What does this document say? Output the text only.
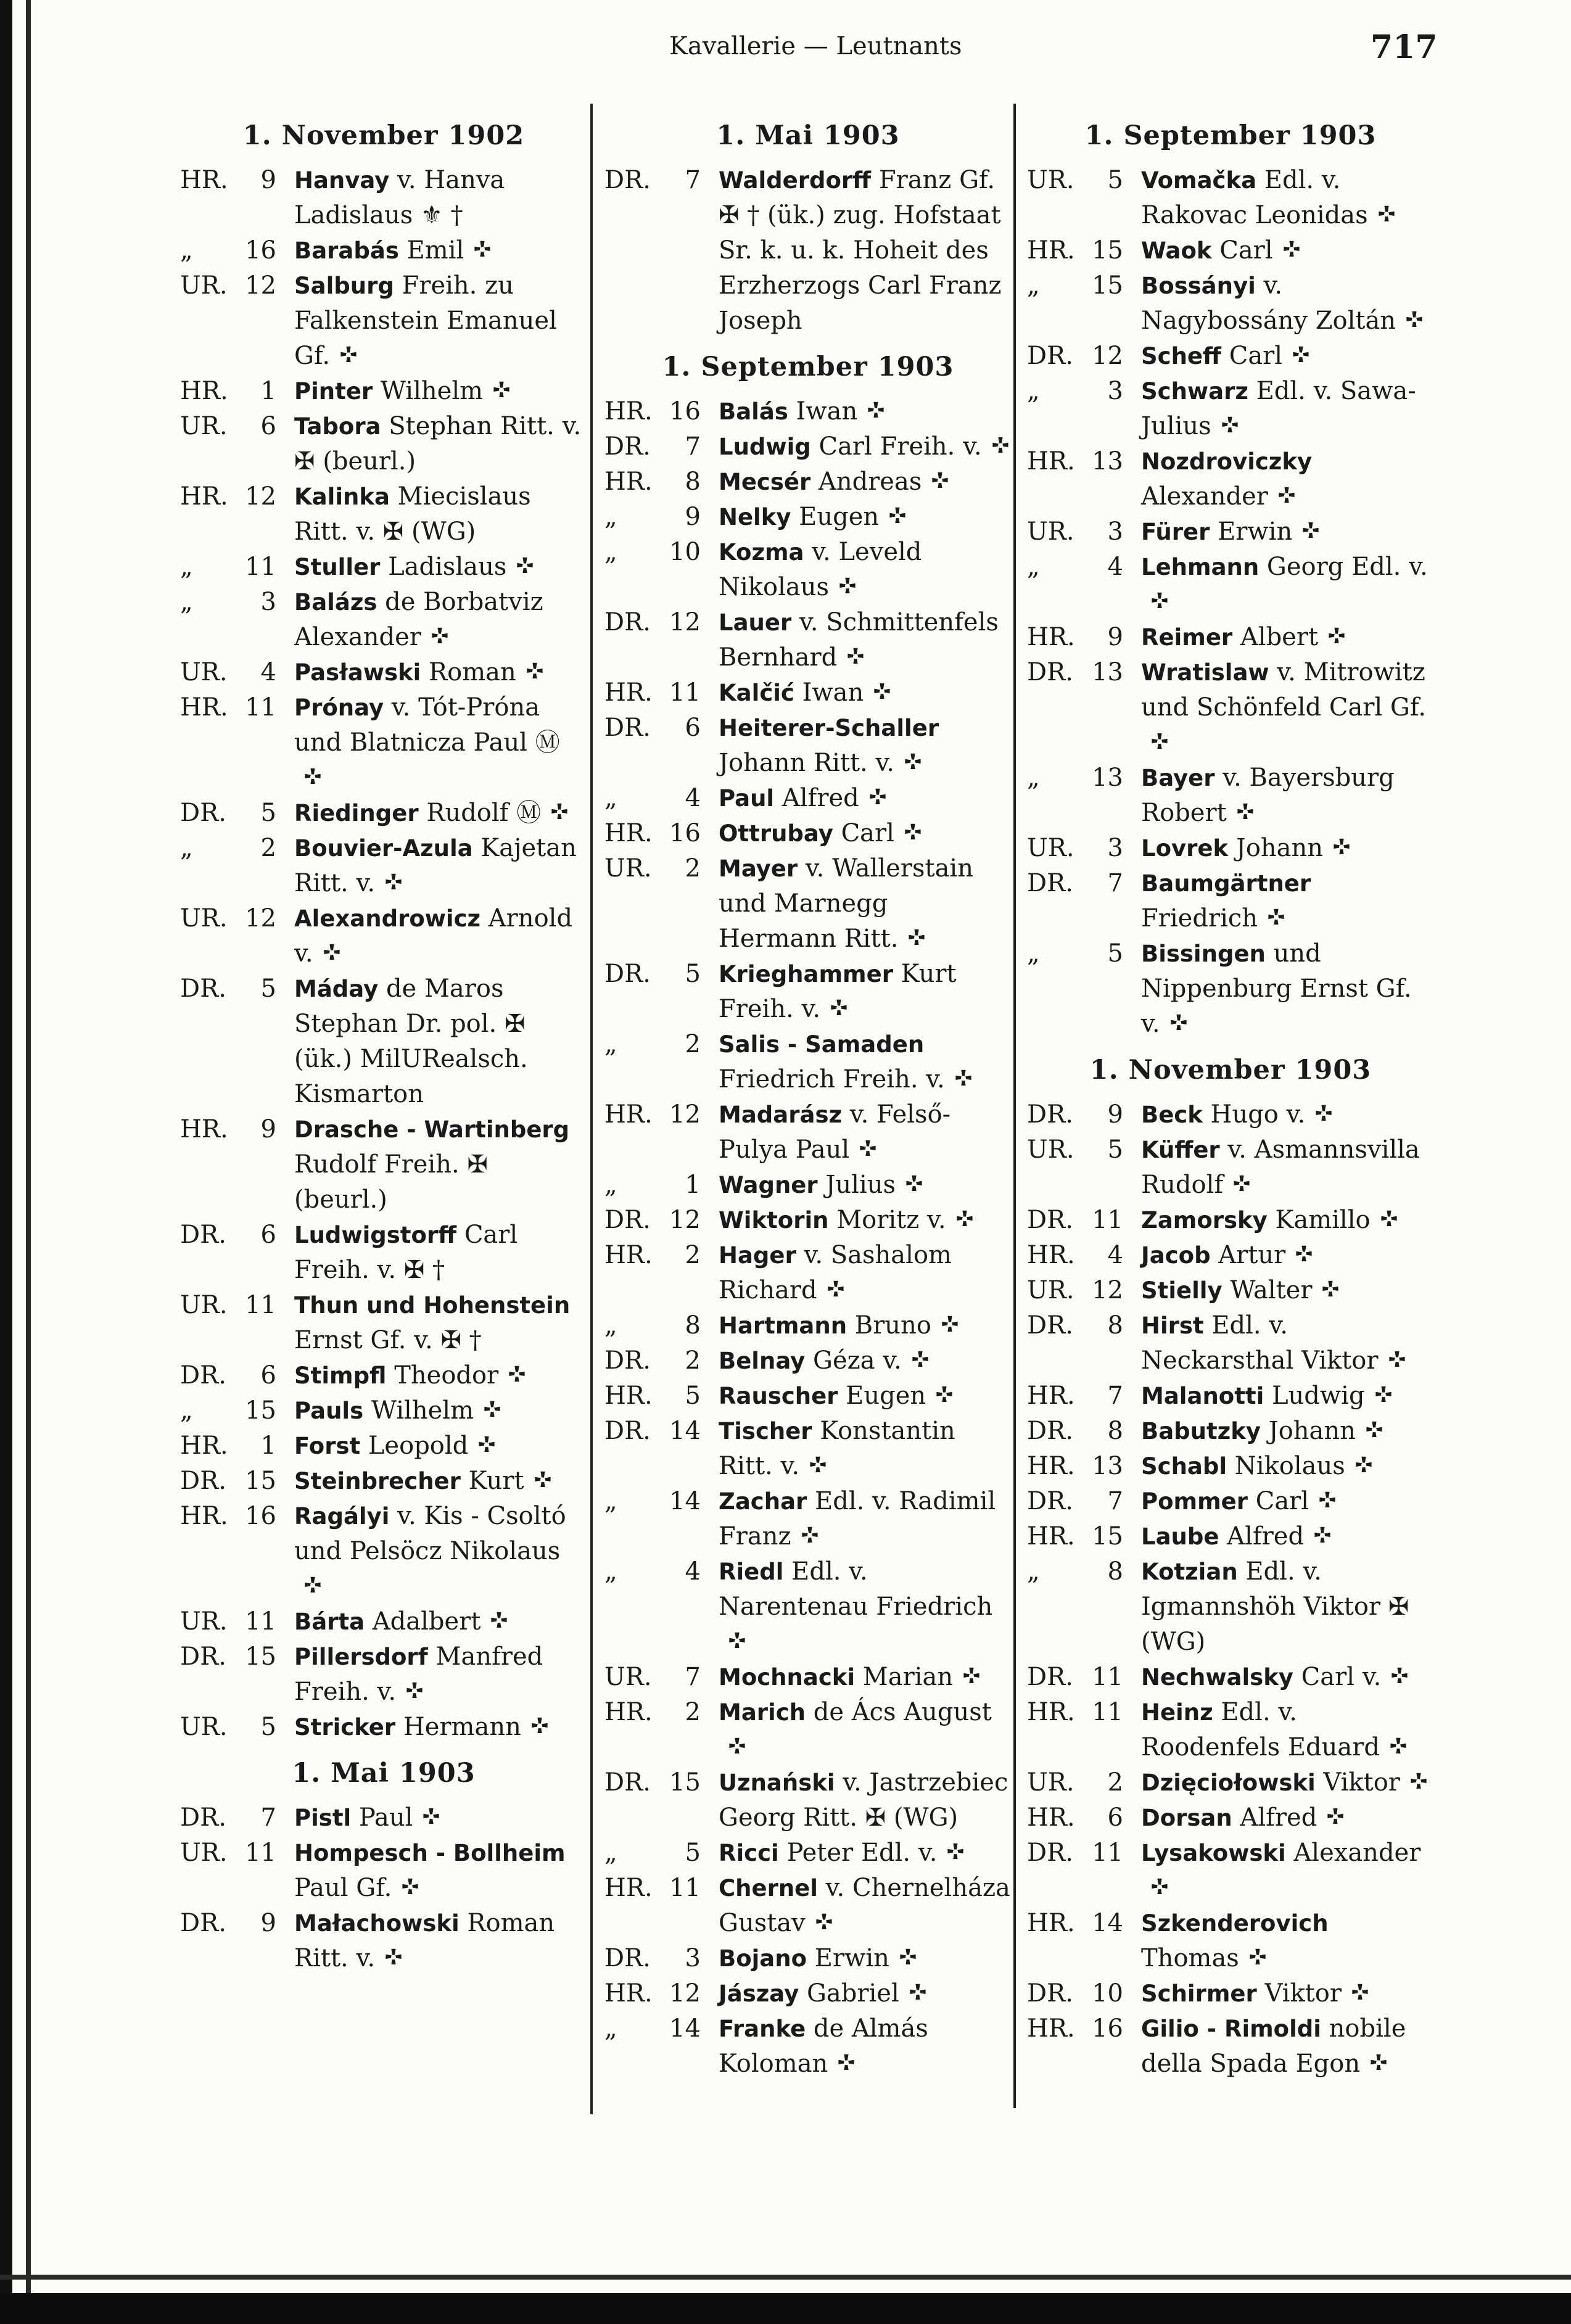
Kavallerie — Leutnants	717
1. November 1902
HR.	9 Hanvay v. Hanva Ladislaus ⚜ †
„	16 Barabás Emil
UR. 12 Salburg Freih. zu Falkenstein Emanuel Gf.
HR.	1 Pinter Wilhelm
UR.	6 Tabora Stephan Ritt. v. ✠ (beurl.)
HR. 12 Kalinka Miecislaus Ritt. v. ✠ (WG)
„	11 Stuller Ladislaus
„	3 Balázs de Borbatviz Alexander
UR.	4 Pasławski Roman
HR. 11 Prónay v. Tót-Próna und Blatnicza Paul Ⓜ
DR.	5 Riedinger Rudolf Ⓜ
„	2 Bouvier-Azula Kajetan Ritt. v.
UR. 12 Alexandrowicz Arnold v.
DR.	5 Máday de Maros Stephan Dr. pol. ✠ (ük.) MilURealsch. Kismarton
HR.	9 Drasche - Wartinberg Rudolf Freih. ✠ (beurl.)
DR.	6 Ludwigstorff Carl Freih. v. ✠ †
UR. 11 Thun und Hohenstein Ernst Gf. v. ✠ †
DR.	6 Stimpfl Theodor
„	15 Pauls Wilhelm
HR.	1 Forst Leopold
DR. 15 Steinbrecher Kurt
HR. 16 Ragályi v. Kis - Csoltó und Pelsöcz Nikolaus
UR. 11 Bárta Adalbert
DR. 15 Pillersdorf Manfred Freih. v.
UR.	5 Stricker Hermann
1. Mai 1903
DR.	7 Pistl Paul
UR. 11 Hompesch - Bollheim Paul Gf.
DR.	9 Małachowski Roman Ritt. v.
1. Mai 1903
DR.	7 Walderdorff Franz Gf. ✠ † (ük.) zug. Hofstaat Sr. k. u. k. Hoheit des Erzherzogs Carl Franz Joseph
1. September 1903
HR. 16 Balás Iwan
DR.	7 Ludwig Carl Freih. v.
HR.	8 Mecsér Andreas
„	9 Nelky Eugen
„	10 Kozma v. Leveld Nikolaus
DR. 12 Lauer v. Schmittenfels Bernhard
HR. 11 Kalčić Iwan
DR.	6 Heiterer-Schaller Johann Ritt. v.
„	4 Paul Alfred
HR. 16 Ottrubay Carl
UR.	2 Mayer v. Wallerstain und Marnegg Hermann Ritt.
DR.	5 Krieghammer Kurt Freih. v.
„	2 Salis - Samaden Friedrich Freih. v.
HR. 12 Madarász v. Felső-Pulya Paul
„	1 Wagner Julius
DR. 12 Wiktorin Moritz v.
HR.	2 Hager v. Sashalom Richard
„	8 Hartmann Bruno
DR.	2 Belnay Géza v.
HR.	5 Rauscher Eugen
DR. 14 Tischer Konstantin Ritt. v.
„	14 Zachar Edl. v. Radimil Franz
„	4 Riedl Edl. v. Narentenau Friedrich
UR.	7 Mochnacki Marian
HR.	2 Marich de Ács August
DR. 15 Uznański v. Jastrzebiec Georg Ritt. ✠ (WG)
„	5 Ricci Peter Edl. v.
HR. 11 Chernel v. Chernelháza Gustav
DR.	3 Bojano Erwin
HR. 12 Jászay Gabriel
„	14 Franke de Almás Koloman
1. September 1903
UR.	5 Vomačka Edl. v. Rakovac Leonidas
HR. 15 Waok Carl
„	15 Bossányi v. Nagybossány Zoltán
DR. 12 Scheff Carl
„	3 Schwarz Edl. v. Sawa-Julius
HR. 13 Nozdroviczky Alexander
UR.	3 Fürer Erwin
„	4 Lehmann Georg Edl. v.
HR.	9 Reimer Albert
DR. 13 Wratislaw v. Mitrowitz und Schönfeld Carl Gf.
„	13 Bayer v. Bayersburg Robert
UR.	3 Lovrek Johann
DR.	7 Baumgärtner Friedrich
„	5 Bissingen und Nippenburg Ernst Gf. v.
1. November 1903
DR.	9 Beck Hugo v.
UR.	5 Küffer v. Asmannsvilla Rudolf
DR. 11 Zamorsky Kamillo
HR.	4 Jacob Artur
UR. 12 Stielly Walter
DR.	8 Hirst Edl. v. Neckarsthal Viktor
HR.	7 Malanotti Ludwig
DR.	8 Babutzky Johann
HR. 13 Schabl Nikolaus
DR.	7 Pommer Carl
HR. 15 Laube Alfred
„	8 Kotzian Edl. v. Igmannshöh Viktor ✠ (WG)
DR. 11 Nechwalsky Carl v.
HR. 11 Heinz Edl. v. Roodenfels Eduard
UR.	2 Dzięciołowski Viktor
HR.	6 Dorsan Alfred
DR. 11 Lysakowski Alexander
HR. 14 Szkenderovich Thomas
DR. 10 Schirmer Viktor
HR. 16 Gilio - Rimoldi nobile della Spada Egon
